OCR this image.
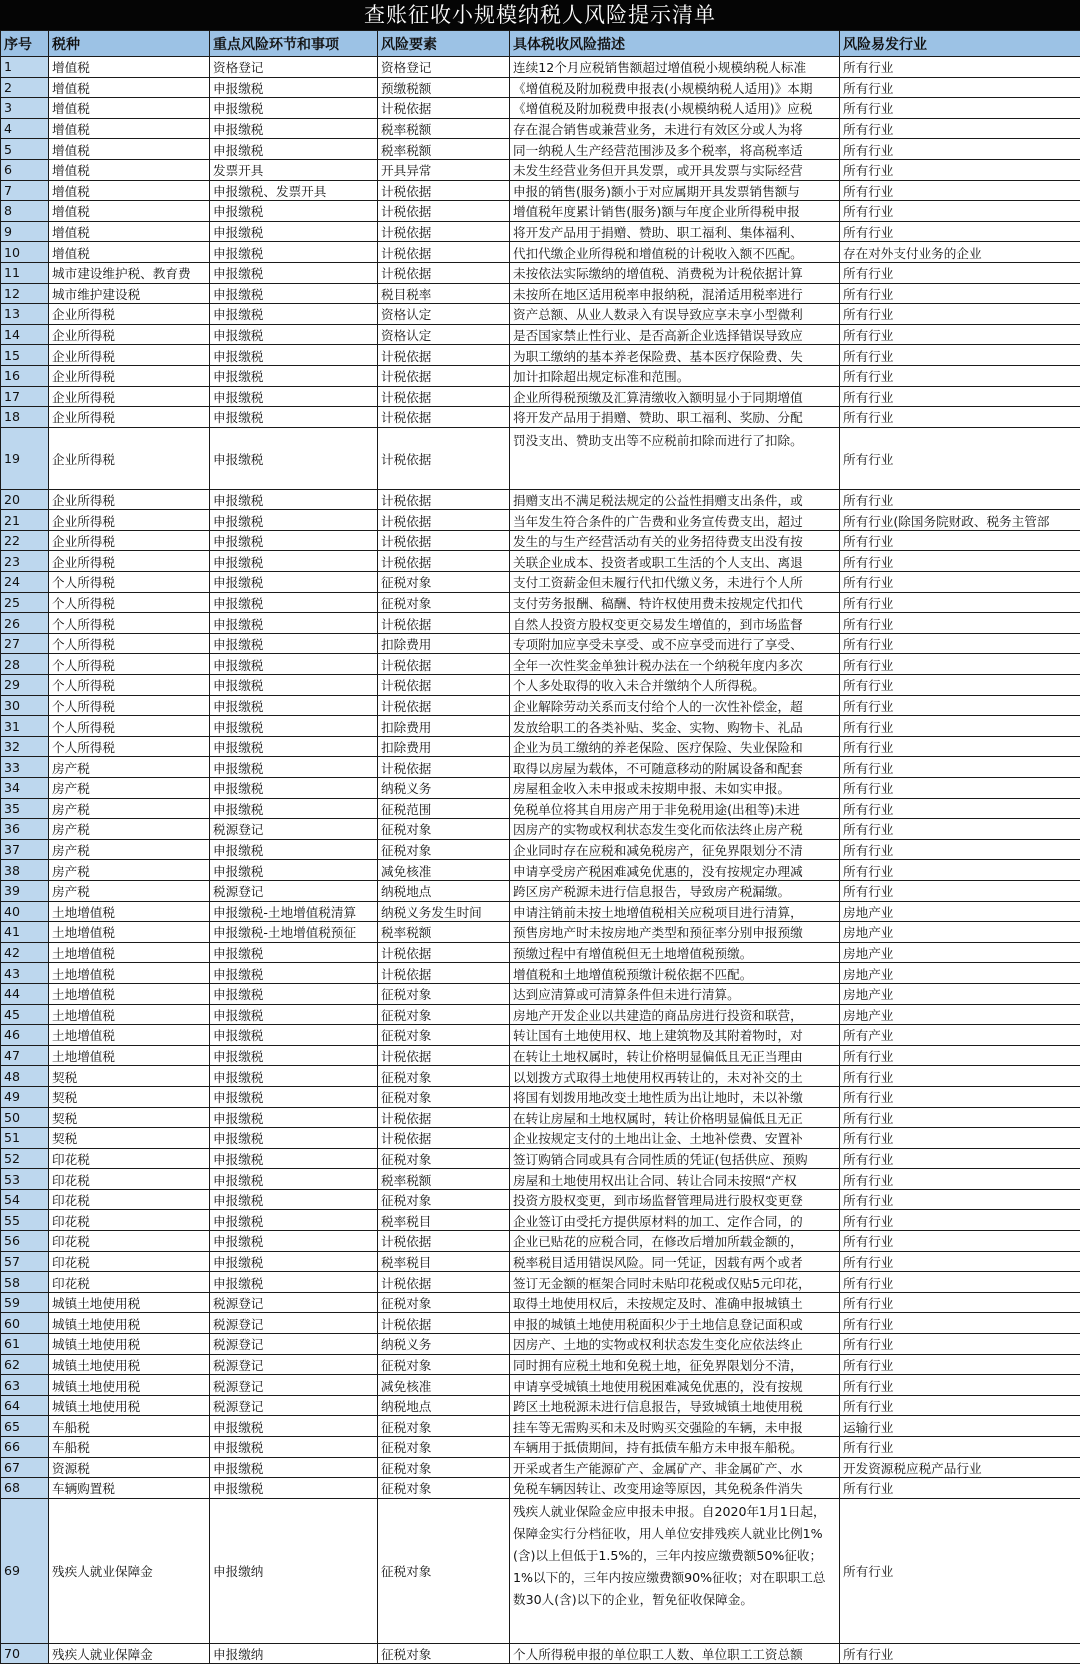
查账征收小规模纳税人风险提示清单
序号	税种	重点风险环节和事项	风险要素	具体税收风险描述	风险易发行业
1	增值税	资格登记	资格登记	连续12个月应税销售额超过增值税小规模纳税人标准	所有行业
2	增值税	申报缴税	预缴税额	《增值税及附加税费申报表(小规模纳税人适用)》本期	所有行业
3	增值税	申报缴税	计税依据	《增值税及附加税费申报表(小规模纳税人适用)》应税	所有行业
4	增值税	申报缴税	税率税额	存在混合销售或兼营业务，未进行有效区分或人为将	所有行业
5	增值税	申报缴税	税率税额	同一纳税人生产经营范围涉及多个税率，将高税率适	所有行业
6	增值税	发票开具	开具异常	未发生经营业务但开具发票，或开具发票与实际经营	所有行业
7	增值税	申报缴税、发票开具	计税依据	申报的销售(服务)额小于对应属期开具发票销售额与	所有行业
8	增值税	申报缴税	计税依据	增值税年度累计销售(服务)额与年度企业所得税申报	所有行业
9	增值税	申报缴税	计税依据	将开发产品用于捐赠、赞助、职工福利、集体福利、	所有行业
10	增值税	申报缴税	计税依据	代扣代缴企业所得税和增值税的计税收入额不匹配。	存在对外支付业务的企业
11	城市建设维护税、教育费	申报缴税	计税依据	未按依法实际缴纳的增值税、消费税为计税依据计算	所有行业
12	城市维护建设税	申报缴税	税目税率	未按所在地区适用税率申报纳税，混淆适用税率进行	所有行业
13	企业所得税	申报缴税	资格认定	资产总额、从业人数录入有误导致应享未享小型微利	所有行业
14	企业所得税	申报缴税	资格认定	是否国家禁止性行业、是否高新企业选择错误导致应	所有行业
15	企业所得税	申报缴税	计税依据	为职工缴纳的基本养老保险费、基本医疗保险费、失	所有行业
16	企业所得税	申报缴税	计税依据	加计扣除超出规定标准和范围。	所有行业
17	企业所得税	申报缴税	计税依据	企业所得税预缴及汇算清缴收入额明显小于同期增值	所有行业
18	企业所得税	申报缴税	计税依据	将开发产品用于捐赠、赞助、职工福利、奖励、分配	所有行业
19	企业所得税	申报缴税	计税依据	罚没支出、赞助支出等不应税前扣除而进行了扣除。	所有行业
20	企业所得税	申报缴税	计税依据	捐赠支出不满足税法规定的公益性捐赠支出条件，或	所有行业
21	企业所得税	申报缴税	计税依据	当年发生符合条件的广告费和业务宣传费支出，超过	所有行业(除国务院财政、税务主管部
22	企业所得税	申报缴税	计税依据	发生的与生产经营活动有关的业务招待费支出没有按	所有行业
23	企业所得税	申报缴税	计税依据	关联企业成本、投资者或职工生活的个人支出、离退	所有行业
24	个人所得税	申报缴税	征税对象	支付工资薪金但未履行代扣代缴义务，未进行个人所	所有行业
25	个人所得税	申报缴税	征税对象	支付劳务报酬、稿酬、特许权使用费未按规定代扣代	所有行业
26	个人所得税	申报缴税	计税依据	自然人投资方股权变更交易发生增值的，到市场监督	所有行业
27	个人所得税	申报缴税	扣除费用	专项附加应享受未享受、或不应享受而进行了享受、	所有行业
28	个人所得税	申报缴税	计税依据	全年一次性奖金单独计税办法在一个纳税年度内多次	所有行业
29	个人所得税	申报缴税	计税依据	个人多处取得的收入未合并缴纳个人所得税。	所有行业
30	个人所得税	申报缴税	计税依据	企业解除劳动关系而支付给个人的一次性补偿金，超	所有行业
31	个人所得税	申报缴税	扣除费用	发放给职工的各类补贴、奖金、实物、购物卡、礼品	所有行业
32	个人所得税	申报缴税	扣除费用	企业为员工缴纳的养老保险、医疗保险、失业保险和	所有行业
33	房产税	申报缴税	计税依据	取得以房屋为载体，不可随意移动的附属设备和配套	所有行业
34	房产税	申报缴税	纳税义务	房屋租金收入未申报或未按期申报、未如实申报。	所有行业
35	房产税	申报缴税	征税范围	免税单位将其自用房产用于非免税用途(出租等)未进	所有行业
36	房产税	税源登记	征税对象	因房产的实物或权利状态发生变化而依法终止房产税	所有行业
37	房产税	申报缴税	征税对象	企业同时存在应税和减免税房产，征免界限划分不清	所有行业
38	房产税	申报缴税	减免核准	申请享受房产税困难减免优惠的，没有按规定办理减	所有行业
39	房产税	税源登记	纳税地点	跨区房产税源未进行信息报告，导致房产税漏缴。	所有行业
40	土地增值税	申报缴税-土地增值税清算	纳税义务发生时间	申请注销前未按土地增值税相关应税项目进行清算，	房地产业
41	土地增值税	申报缴税-土地增值税预征	税率税额	预售房地产时未按房地产类型和预征率分别申报预缴	房地产业
42	土地增值税	申报缴税	计税依据	预缴过程中有增值税但无土地增值税预缴。	房地产业
43	土地增值税	申报缴税	计税依据	增值税和土地增值税预缴计税依据不匹配。	房地产业
44	土地增值税	申报缴税	征税对象	达到应清算或可清算条件但未进行清算。	房地产业
45	土地增值税	申报缴税	征税对象	房地产开发企业以共建造的商品房进行投资和联营，	房地产业
46	土地增值税	申报缴税	征税对象	转让国有土地使用权、地上建筑物及其附着物时，对	所有产业
47	土地增值税	申报缴税	计税依据	在转让土地权属时，转让价格明显偏低且无正当理由	所有行业
48	契税	申报缴税	征税对象	以划拨方式取得土地使用权再转让的，未对补交的土	所有行业
49	契税	申报缴税	征税对象	将国有划拨用地改变土地性质为出让地时，未以补缴	所有行业
50	契税	申报缴税	计税依据	在转让房屋和土地权属时，转让价格明显偏低且无正	所有行业
51	契税	申报缴税	计税依据	企业按规定支付的土地出让金、土地补偿费、安置补	所有行业
52	印花税	申报缴税	征税对象	签订购销合同或具有合同性质的凭证(包括供应、预购	所有行业
53	印花税	申报缴税	税率税额	房屋和土地使用权出让合同、转让合同未按照“产权	所有行业
54	印花税	申报缴税	征税对象	投资方股权变更，到市场监督管理局进行股权变更登	所有行业
55	印花税	申报缴税	税率税目	企业签订由受托方提供原材料的加工、定作合同，的	所有行业
56	印花税	申报缴税	计税依据	企业已贴花的应税合同，在修改后增加所载金额的，	所有行业
57	印花税	申报缴税	税率税目	税率税目适用错误风险。同一凭证，因载有两个或者	所有行业
58	印花税	申报缴税	计税依据	签订无金额的框架合同时未贴印花税或仅贴5元印花，	所有行业
59	城镇土地使用税	税源登记	征税对象	取得土地使用权后，未按规定及时、准确申报城镇土	所有行业
60	城镇土地使用税	税源登记	计税依据	申报的城镇土地使用税面积少于土地信息登记面积或	所有行业
61	城镇土地使用税	税源登记	纳税义务	因房产、土地的实物或权利状态发生变化应依法终止	所有行业
62	城镇土地使用税	税源登记	征税对象	同时拥有应税土地和免税土地，征免界限划分不清，	所有行业
63	城镇土地使用税	税源登记	减免核准	申请享受城镇土地使用税困难减免优惠的，没有按规	所有行业
64	城镇土地使用税	税源登记	纳税地点	跨区土地税源未进行信息报告，导致城镇土地使用税	所有行业
65	车船税	申报缴税	征税对象	挂车等无需购买和未及时购买交强险的车辆，未申报	运输行业
66	车船税	申报缴税	征税对象	车辆用于抵债期间，持有抵债车船方未申报车船税。	所有行业
67	资源税	申报缴税	征税对象	开采或者生产能源矿产、金属矿产、非金属矿产、水	开发资源税应税产品行业
68	车辆购置税	申报缴税	征税对象	免税车辆因转让、改变用途等原因，其免税条件消失	所有行业
69	残疾人就业保障金	申报缴纳	征税对象	残疾人就业保险金应申报未申报。自2020年1月1日起，保障金实行分档征收，用人单位安排残疾人就业比例1%(含)以上但低于1.5%的，三年内按应缴费额50%征收；1%以下的，三年内按应缴费额90%征收；对在职职工总数30人(含)以下的企业，暂免征收保障金。	所有行业
70	残疾人就业保障金	申报缴纳	征税对象	个人所得税申报的单位职工人数、单位职工工资总额	所有行业
